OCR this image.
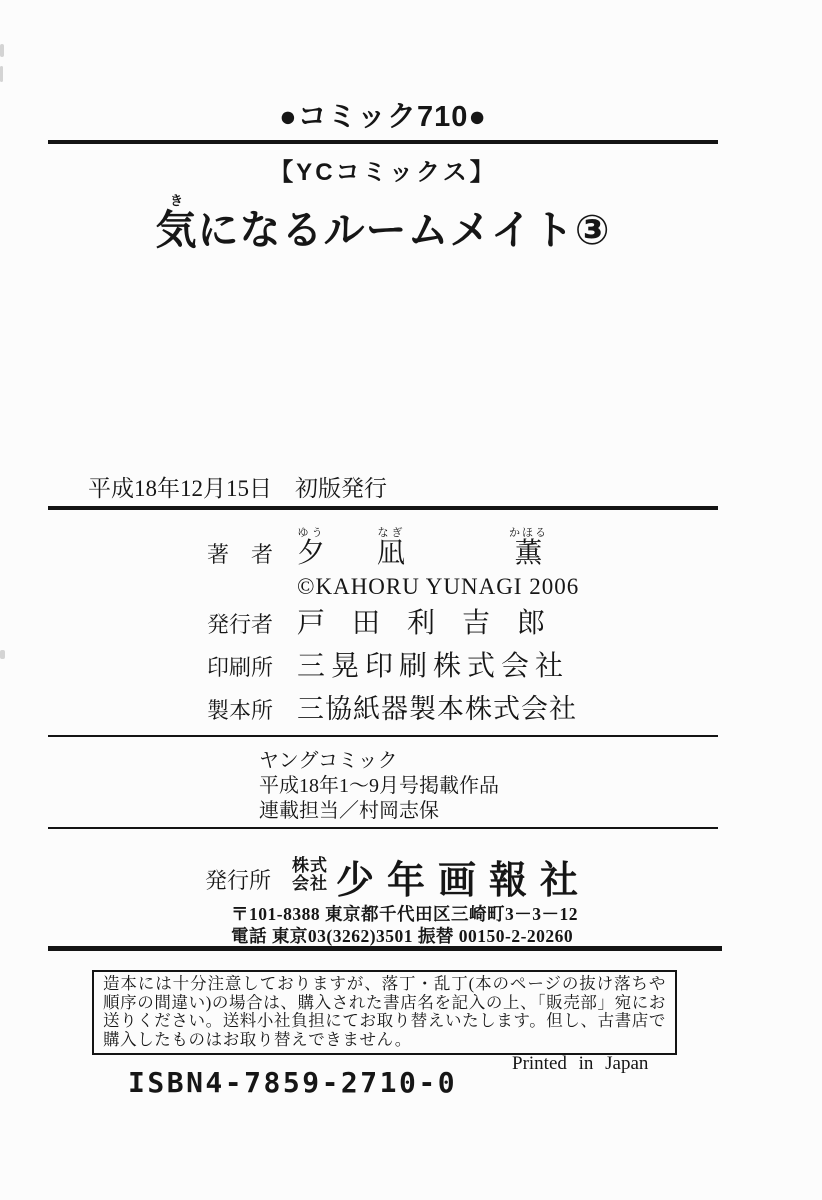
●コミック710●
【YCコミックス】
気きになるルームメイト③
平成18年12月15日　初版発行
著　者 夕ゆう凪なぎ薫かほる
©KAHORU YUNAGI 2006
発行者 戸田利吉郎
印刷所 三晃印刷株式会社
製本所 三協紙器製本株式会社
ヤングコミック
平成18年1～9月号掲載作品
連載担当／村岡志保
発行所
株式
会社 少年画報社
〒101-8388 東京都千代田区三崎町3－3－12
電話 東京03(3262)3501 振替 00150-2-20260
造本には十分注意しておりますが、落丁・乱丁(本のページの抜け落ちや順序の間違い)の場合は、購入された書店名を記入の上、「販売部」宛にお送りください。送料小社負担にてお取り替えいたします。但し、古書店で購入したものはお取り替えできません。
Printed in Japan
ISBN4-7859-2710-0
